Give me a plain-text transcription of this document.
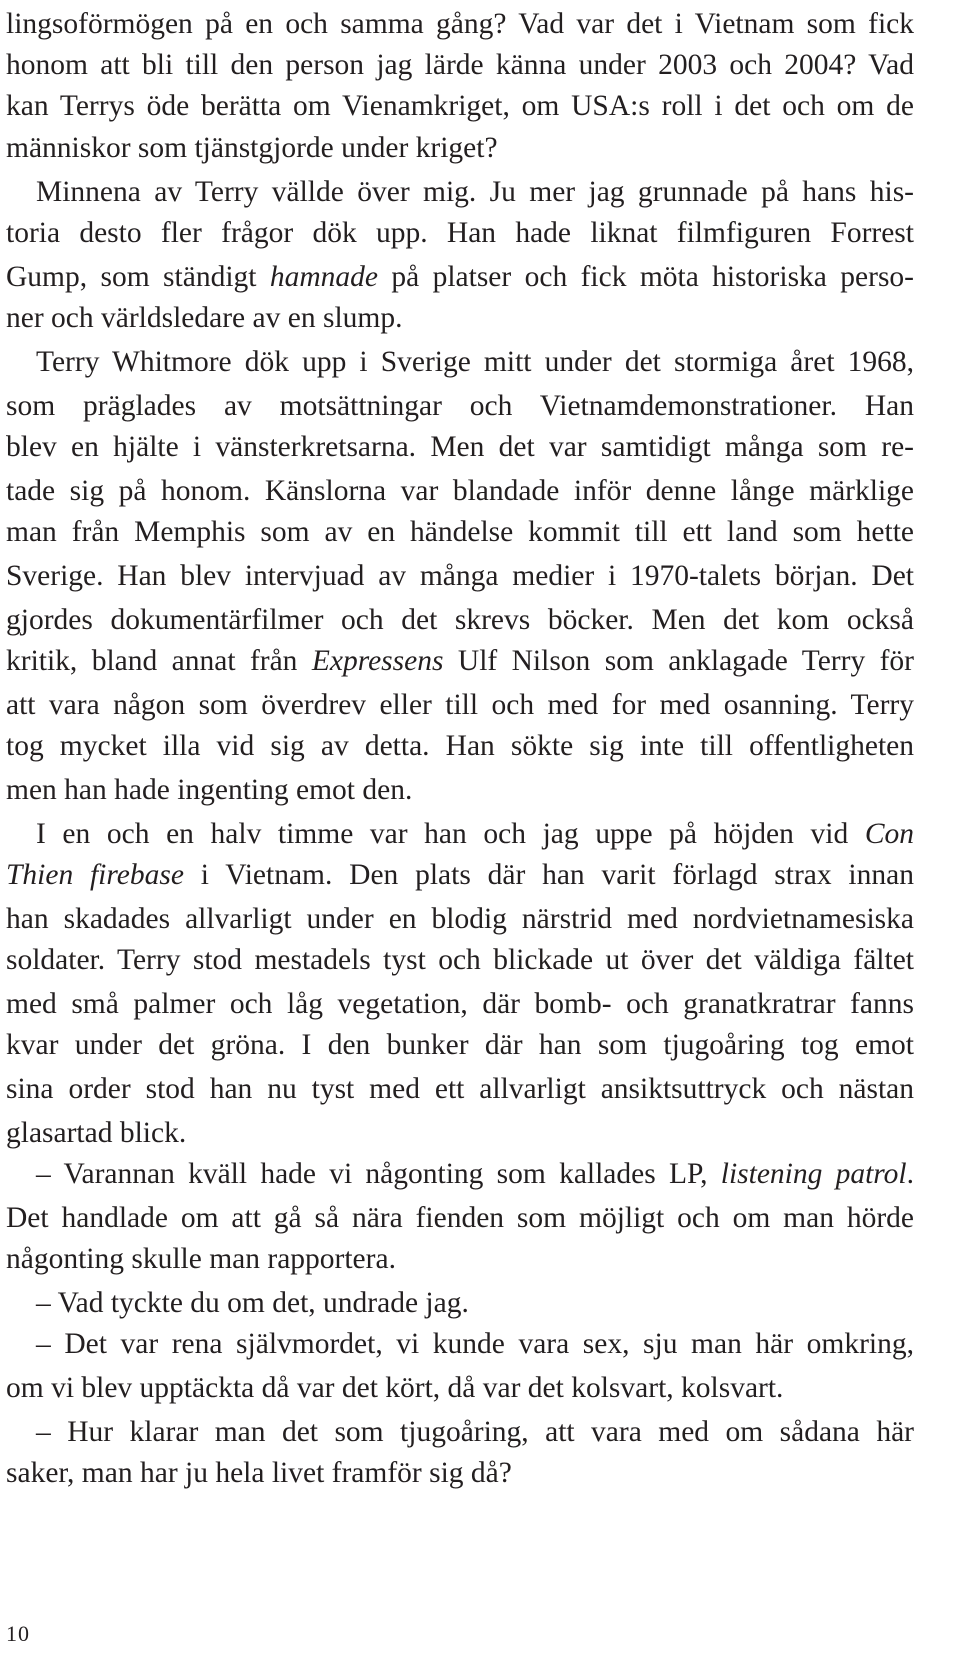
lingsoförmögen på en och samma gång? Vad var det i Vietnam som fick
honom att bli till den person jag lärde känna under 2003 och 2004? Vad
kan Terrys öde berätta om Vienamkriget, om USA:s roll i det och om de
människor som tjänstgjorde under kriget?
Minnena av Terry vällde över mig. Ju mer jag grunnade på hans his-
toria desto fler frågor dök upp. Han hade liknat filmfiguren Forrest
Gump, som ständigt hamnade på platser och fick möta historiska perso-
ner och världsledare av en slump.
Terry Whitmore dök upp i Sverige mitt under det stormiga året 1968,
som präglades av motsättningar och Vietnamdemonstrationer. Han
blev en hjälte i vänsterkretsarna. Men det var samtidigt många som re-
tade sig på honom. Känslorna var blandade inför denne långe märklige
man från Memphis som av en händelse kommit till ett land som hette
Sverige. Han blev intervjuad av många medier i 1970-talets början. Det
gjordes dokumentärfilmer och det skrevs böcker. Men det kom också
kritik, bland annat från Expressens Ulf Nilson som anklagade Terry för
att vara någon som överdrev eller till och med for med osanning. Terry
tog mycket illa vid sig av detta. Han sökte sig inte till offentligheten
men han hade ingenting emot den.
I en och en halv timme var han och jag uppe på höjden vid Con
Thien firebase i Vietnam. Den plats där han varit förlagd strax innan
han skadades allvarligt under en blodig närstrid med nordvietnamesiska
soldater. Terry stod mestadels tyst och blickade ut över det väldiga fältet
med små palmer och låg vegetation, där bomb- och granatkratrar fanns
kvar under det gröna. I den bunker där han som tjugoåring tog emot
sina order stod han nu tyst med ett allvarligt ansiktsuttryck och nästan
glasartad blick.
– Varannan kväll hade vi någonting som kallades LP, listening patrol.
Det handlade om att gå så nära fienden som möjligt och om man hörde
någonting skulle man rapportera.
– Vad tyckte du om det, undrade jag.
– Det var rena självmordet, vi kunde vara sex, sju man här omkring,
om vi blev upptäckta då var det kört, då var det kolsvart, kolsvart.
– Hur klarar man det som tjugoåring, att vara med om sådana här
saker, man har ju hela livet framför sig då?
10
